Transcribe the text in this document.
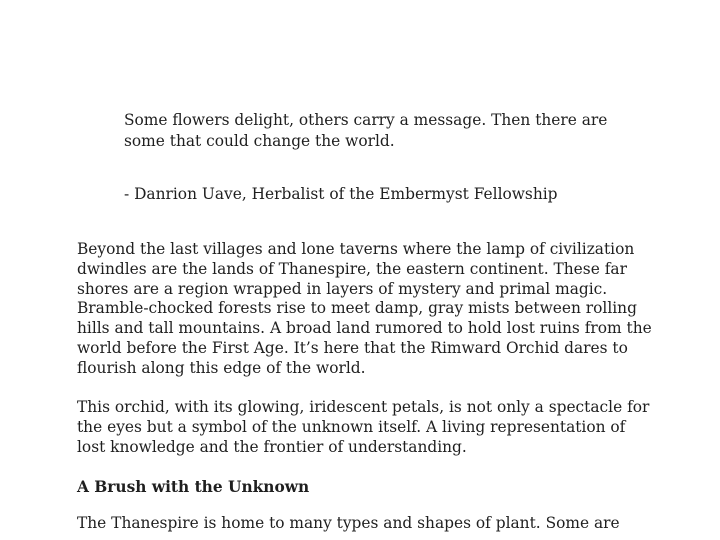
Some flowers delight, others carry a message. Then there are some that could change the world.

- Danrion Uave, Herbalist of the Embermyst Fellowship

Beyond the last villages and lone taverns where the lamp of civilization dwindles are the lands of Thanespire, the eastern continent. These far shores are a region wrapped in layers of mystery and primal magic. Bramble-chocked forests rise to meet damp, gray mists between rolling hills and tall mountains. A broad land rumored to hold lost ruins from the world before the First Age. It’s here that the Rimward Orchid dares to flourish along this edge of the world.

This orchid, with its glowing, iridescent petals, is not only a spectacle for the eyes but a symbol of the unknown itself. A living representation of lost knowledge and the frontier of understanding.

A Brush with the Unknown

The Thanespire is home to many types and shapes of plant. Some are
